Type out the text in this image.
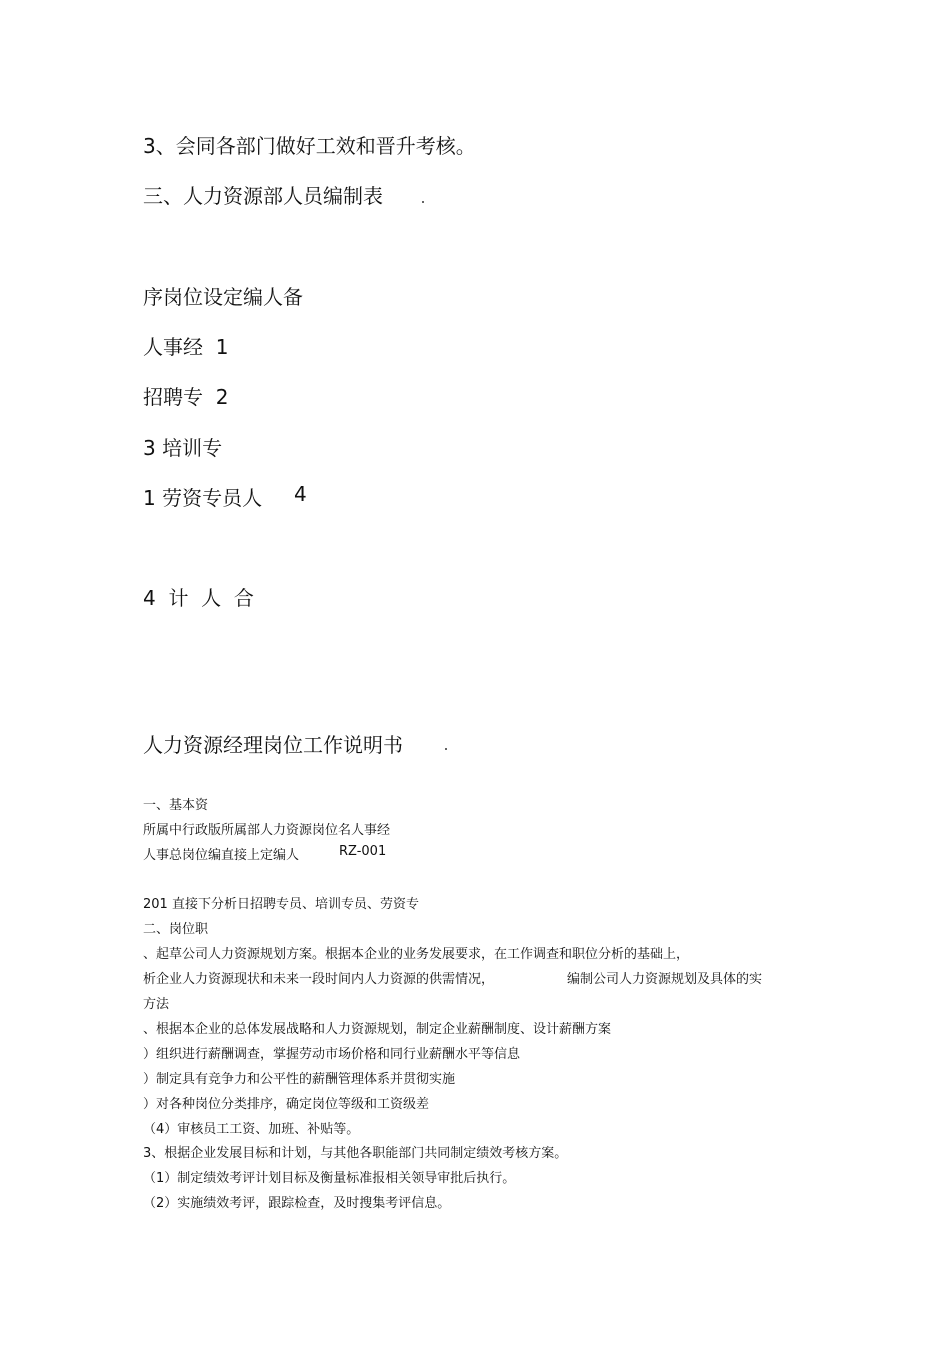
3、会同各部门做好工效和晋升考核。
三、人力资源部人员编制表
序岗位设定编人备
人事经  1
招聘专  2
3 培训专
1 劳资专员人 4
4  计  人  合
人力资源经理岗位工作说明书
一、基本资
所属中行政版所属部人力资源岗位名人事经
人事总岗位编直接上定编人	RZ-001
201 直接下分析日招聘专员、培训专员、劳资专
二、岗位职
、起草公司人力资源规划方案。根据本企业的业务发展要求，在工作调查和职位分析的基础上，
析企业人力资源现状和未来一段时间内人力资源的供需情况，	编制公司人力资源规划及具体的实
方法
、根据本企业的总体发展战略和人力资源规划，制定企业薪酬制度、设计薪酬方案
）组织进行薪酬调查，掌握劳动市场价格和同行业薪酬水平等信息
）制定具有竞争力和公平性的薪酬管理体系并贯彻实施
）对各种岗位分类排序，确定岗位等级和工资级差
（4）审核员工工资、加班、补贴等。
3、根据企业发展目标和计划，与其他各职能部门共同制定绩效考核方案。
（1）制定绩效考评计划目标及衡量标准报相关领导审批后执行。
（2）实施绩效考评，跟踪检查，及时搜集考评信息。
